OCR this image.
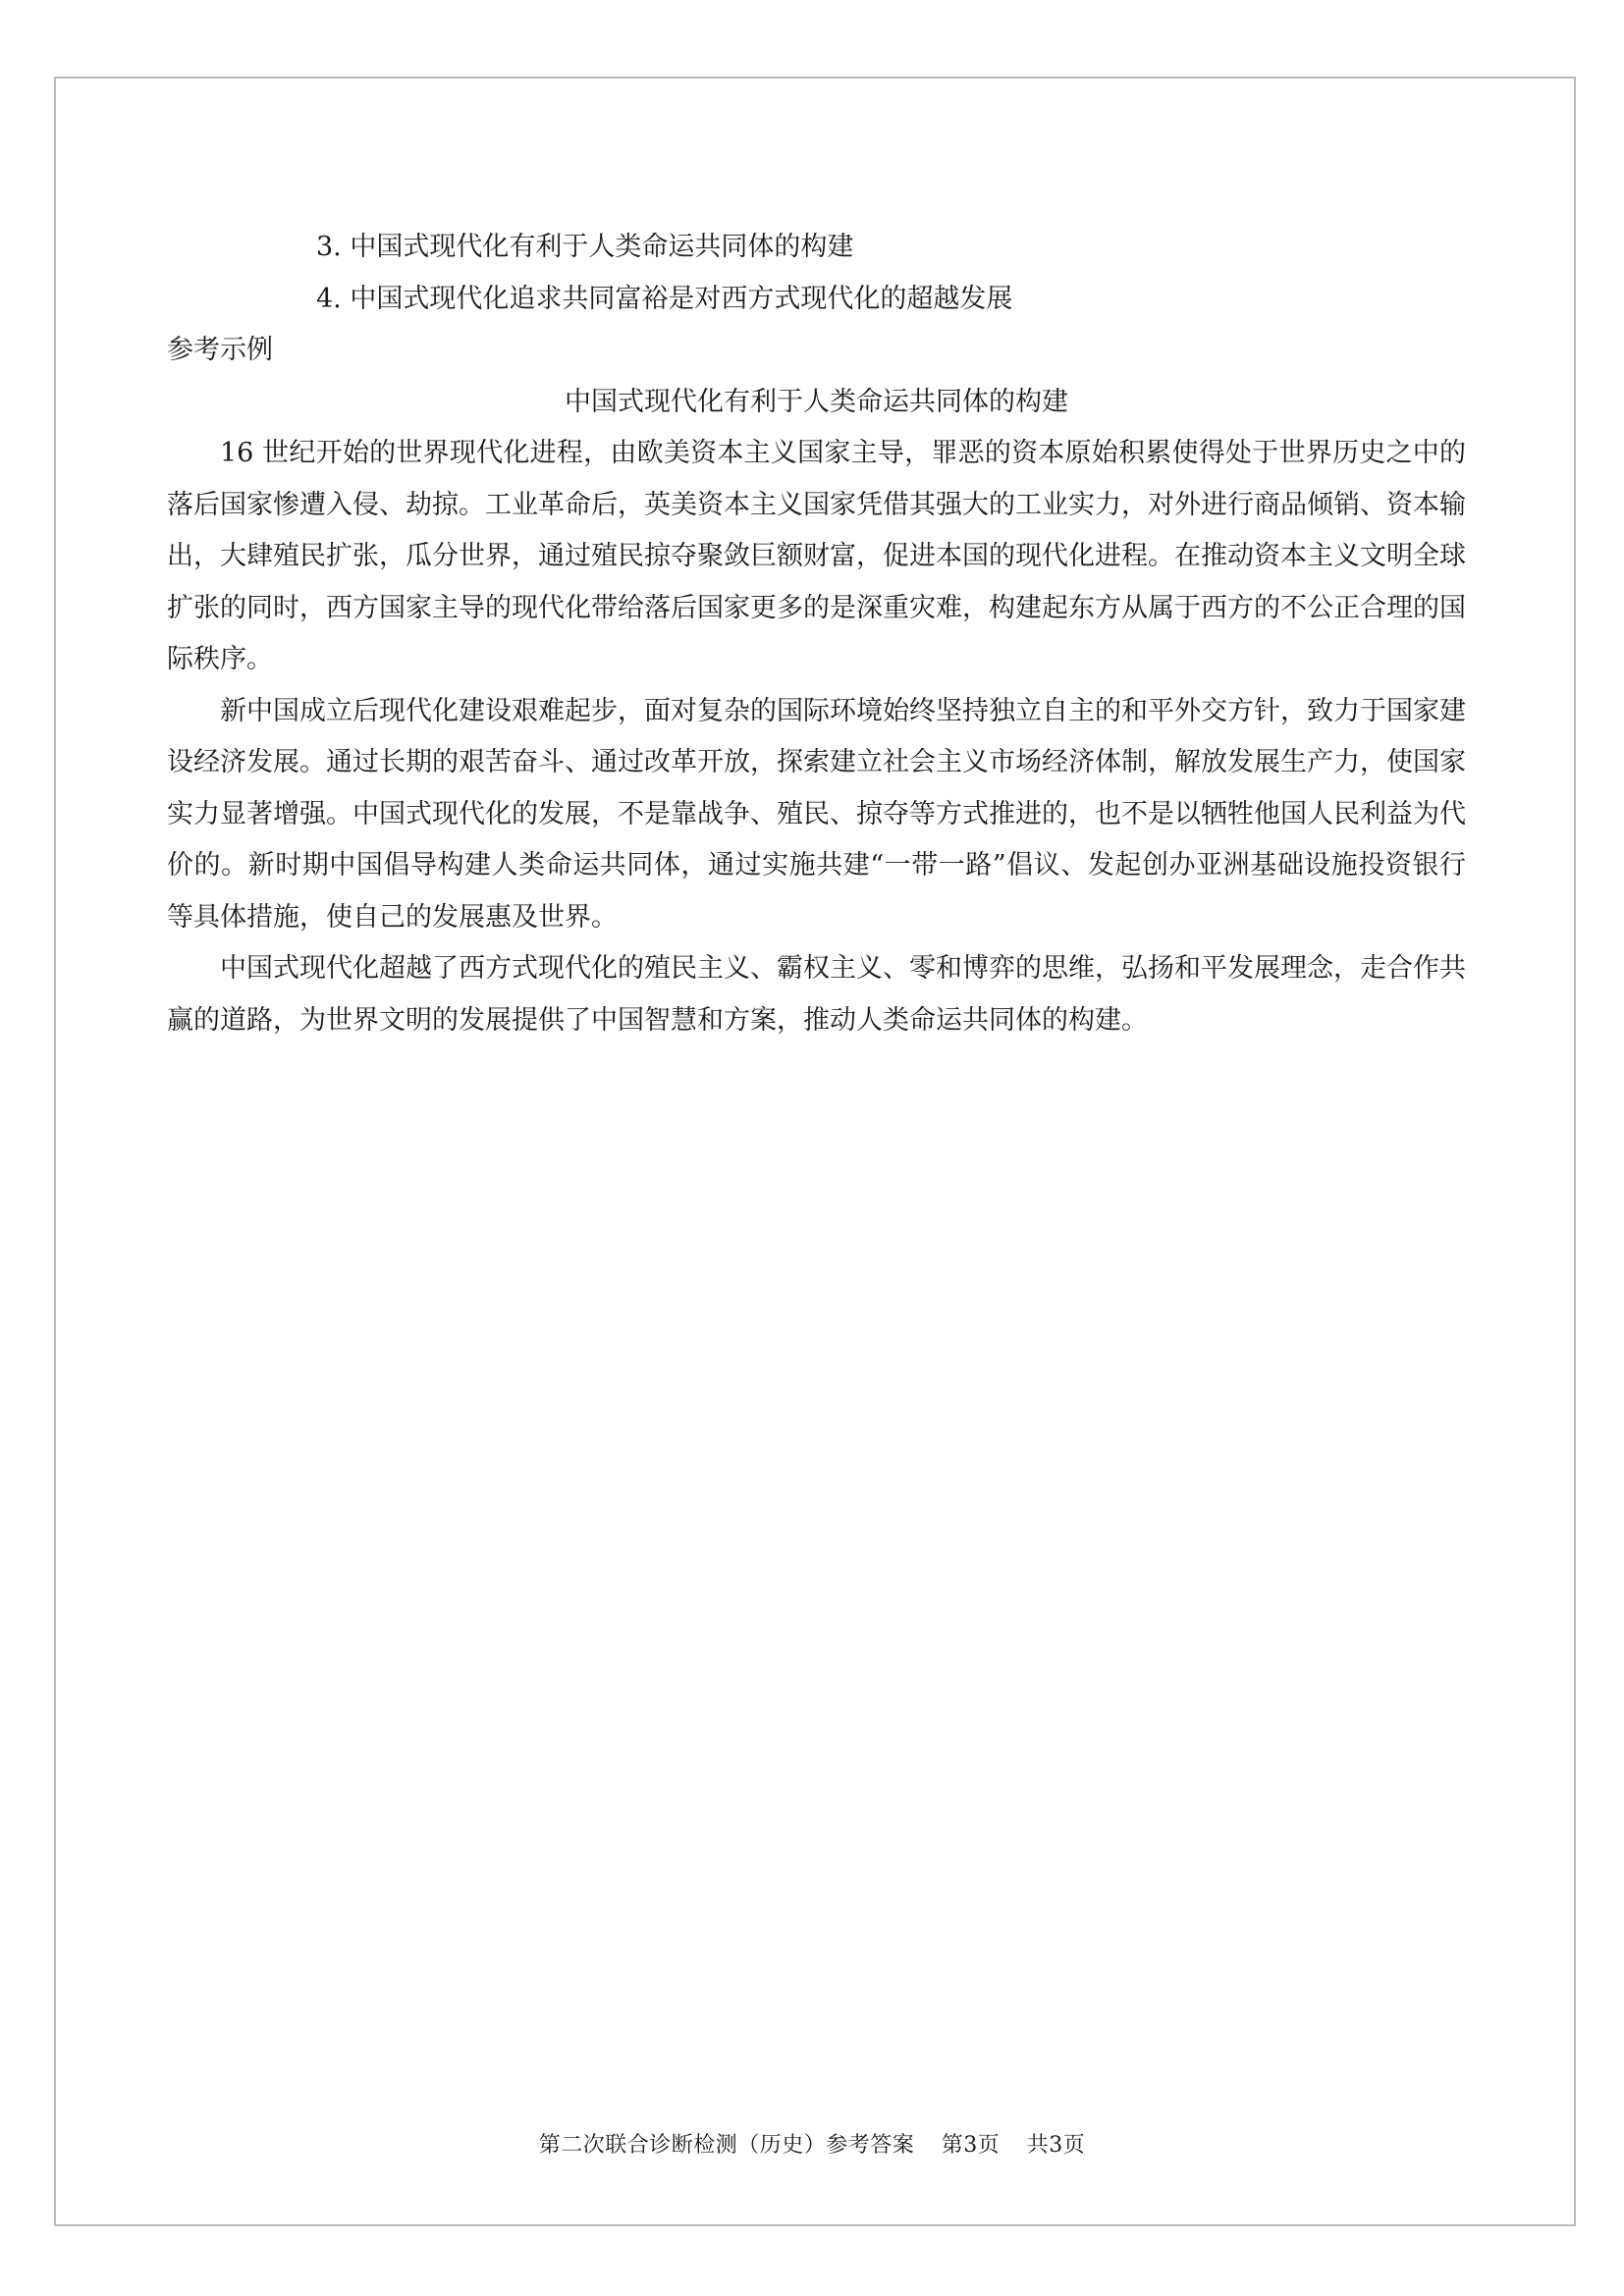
3. 中国式现代化有利于人类命运共同体的构建

4. 中国式现代化追求共同富裕是对西方式现代化的超越发展

参考示例

中国式现代化有利于人类命运共同体的构建

16 世纪开始的世界现代化进程，由欧美资本主义国家主导，罪恶的资本原始积累使得处于世界历史之中的落后国家惨遭入侵、劫掠。工业革命后，英美资本主义国家凭借其强大的工业实力，对外进行商品倾销、资本输出，大肆殖民扩张，瓜分世界，通过殖民掠夺聚敛巨额财富，促进本国的现代化进程。在推动资本主义文明全球扩张的同时，西方国家主导的现代化带给落后国家更多的是深重灾难，构建起东方从属于西方的不公正合理的国际秩序。

新中国成立后现代化建设艰难起步，面对复杂的国际环境始终坚持独立自主的和平外交方针，致力于国家建设经济发展。通过长期的艰苦奋斗、通过改革开放，探索建立社会主义市场经济体制，解放发展生产力，使国家实力显著增强。中国式现代化的发展，不是靠战争、殖民、掠夺等方式推进的，也不是以牺牲他国人民利益为代价的。新时期中国倡导构建人类命运共同体，通过实施共建“一带一路”倡议、发起创办亚洲基础设施投资银行等具体措施，使自己的发展惠及世界。

中国式现代化超越了西方式现代化的殖民主义、霸权主义、零和博弈的思维，弘扬和平发展理念，走合作共赢的道路，为世界文明的发展提供了中国智慧和方案，推动人类命运共同体的构建。

第二次联合诊断检测（历史）参考答案 第3页 共3页
